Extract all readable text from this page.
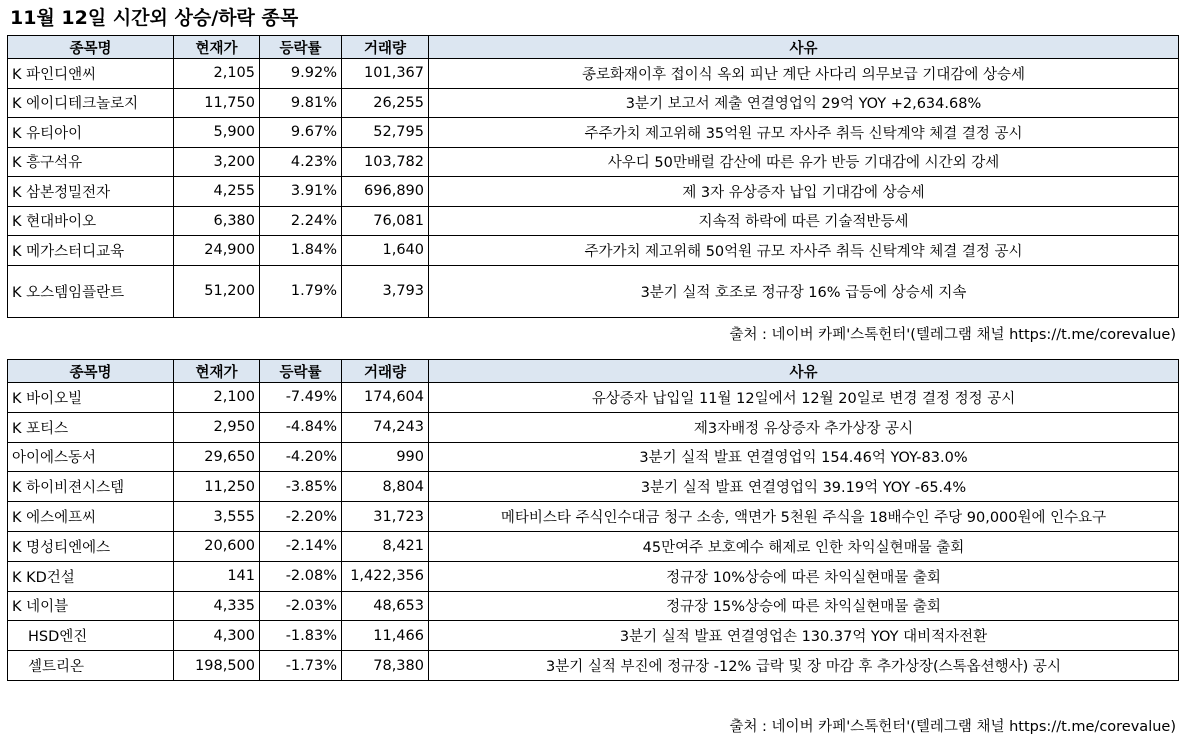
11월 12일 시간외 상승/하락 종목
종목명	현재가	등락률	거래량	사유
K 파인디앤씨	2,105	9.92%	101,367	종로화재이후 접이식 옥외 피난 계단 사다리 의무보급 기대감에 상승세
K 에이디테크놀로지	11,750	9.81%	26,255	3분기 보고서 제출 연결영업익 29억 YOY +2,634.68%
K 유티아이	5,900	9.67%	52,795	주주가치 제고위해 35억원 규모 자사주 취득 신탁계약 체결 결정 공시
K 흥구석유	3,200	4.23%	103,782	사우디 50만배럴 감산에 따른 유가 반등 기대감에 시간외 강세
K 삼본정밀전자	4,255	3.91%	696,890	제 3자 유상증자 납입 기대감에 상승세
K 현대바이오	6,380	2.24%	76,081	지속적 하락에 따른 기술적반등세
K 메가스터디교육	24,900	1.84%	1,640	주가가치 제고위해 50억원 규모 자사주 취득 신탁계약 체결 결정 공시
K 오스템임플란트	51,200	1.79%	3,793	3분기 실적 호조로 정규장 16% 급등에 상승세 지속
출처 : 네이버 카페'스톡헌터'(텔레그램 채널 https://t.me/corevalue)
종목명	현재가	등락률	거래량	사유
K 바이오빌	2,100	-7.49%	174,604	유상증자 납입일 11월 12일에서 12월 20일로 변경 결정 정정 공시
K 포티스	2,950	-4.84%	74,243	제3자배정 유상증자 추가상장 공시
아이에스동서	29,650	-4.20%	990	3분기 실적 발표 연결영업익 154.46억 YOY-83.0%
K 하이비젼시스템	11,250	-3.85%	8,804	3분기 실적 발표 연결영업익 39.19억 YOY -65.4%
K 에스에프씨	3,555	-2.20%	31,723	메타비스타 주식인수대금 청구 소송, 액면가 5천원 주식을 18배수인 주당 90,000원에 인수요구
K 명성티엔에스	20,600	-2.14%	8,421	45만여주 보호예수 해제로 인한 차익실현매물 출회
K KD건설	141	-2.08%	1,422,356	정규장 10%상승에 따른 차익실현매물 출회
K 네이블	4,335	-2.03%	48,653	정규장 15%상승에 따른 차익실현매물 출회
HSD엔진	4,300	-1.83%	11,466	3분기 실적 발표 연결영업손 130.37억 YOY 대비적자전환
셀트리온	198,500	-1.73%	78,380	3분기 실적 부진에 정규장 -12% 급락 및 장 마감 후 추가상장(스톡옵션행사) 공시
출처 : 네이버 카페'스톡헌터'(텔레그램 채널 https://t.me/corevalue)
